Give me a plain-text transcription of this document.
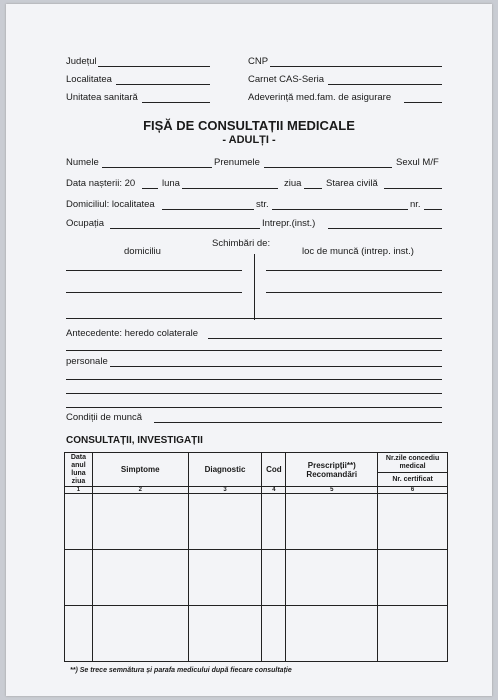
Județul
Localitatea
Unitatea sanitară
CNP
Carnet CAS-Seria
Adeverință med.fam. de asigurare
FIȘĂ DE CONSULTAȚII MEDICALE
- ADULȚI -
Numele	Prenumele	Sexul M/F
Data nașterii: 20	luna	ziua	Starea civilă
Domiciliul: localitatea	str.	nr.
Ocupația	Intrepr.(inst.)
Schimbări de:
domiciliu	loc de muncă (intrep. inst.)
Antecedente: heredo colaterale
personale
Condiții de muncă
CONSULTAȚII, INVESTIGAȚII
Data anul luna ziua	Simptome	Diagnostic	Cod	Prescripții**) Recomandări	Nr.zile concediu medical
					Nr. certificat
1	2	3	4	5	6

**) Se trece semnătura și parafa medicului după fiecare consultație
